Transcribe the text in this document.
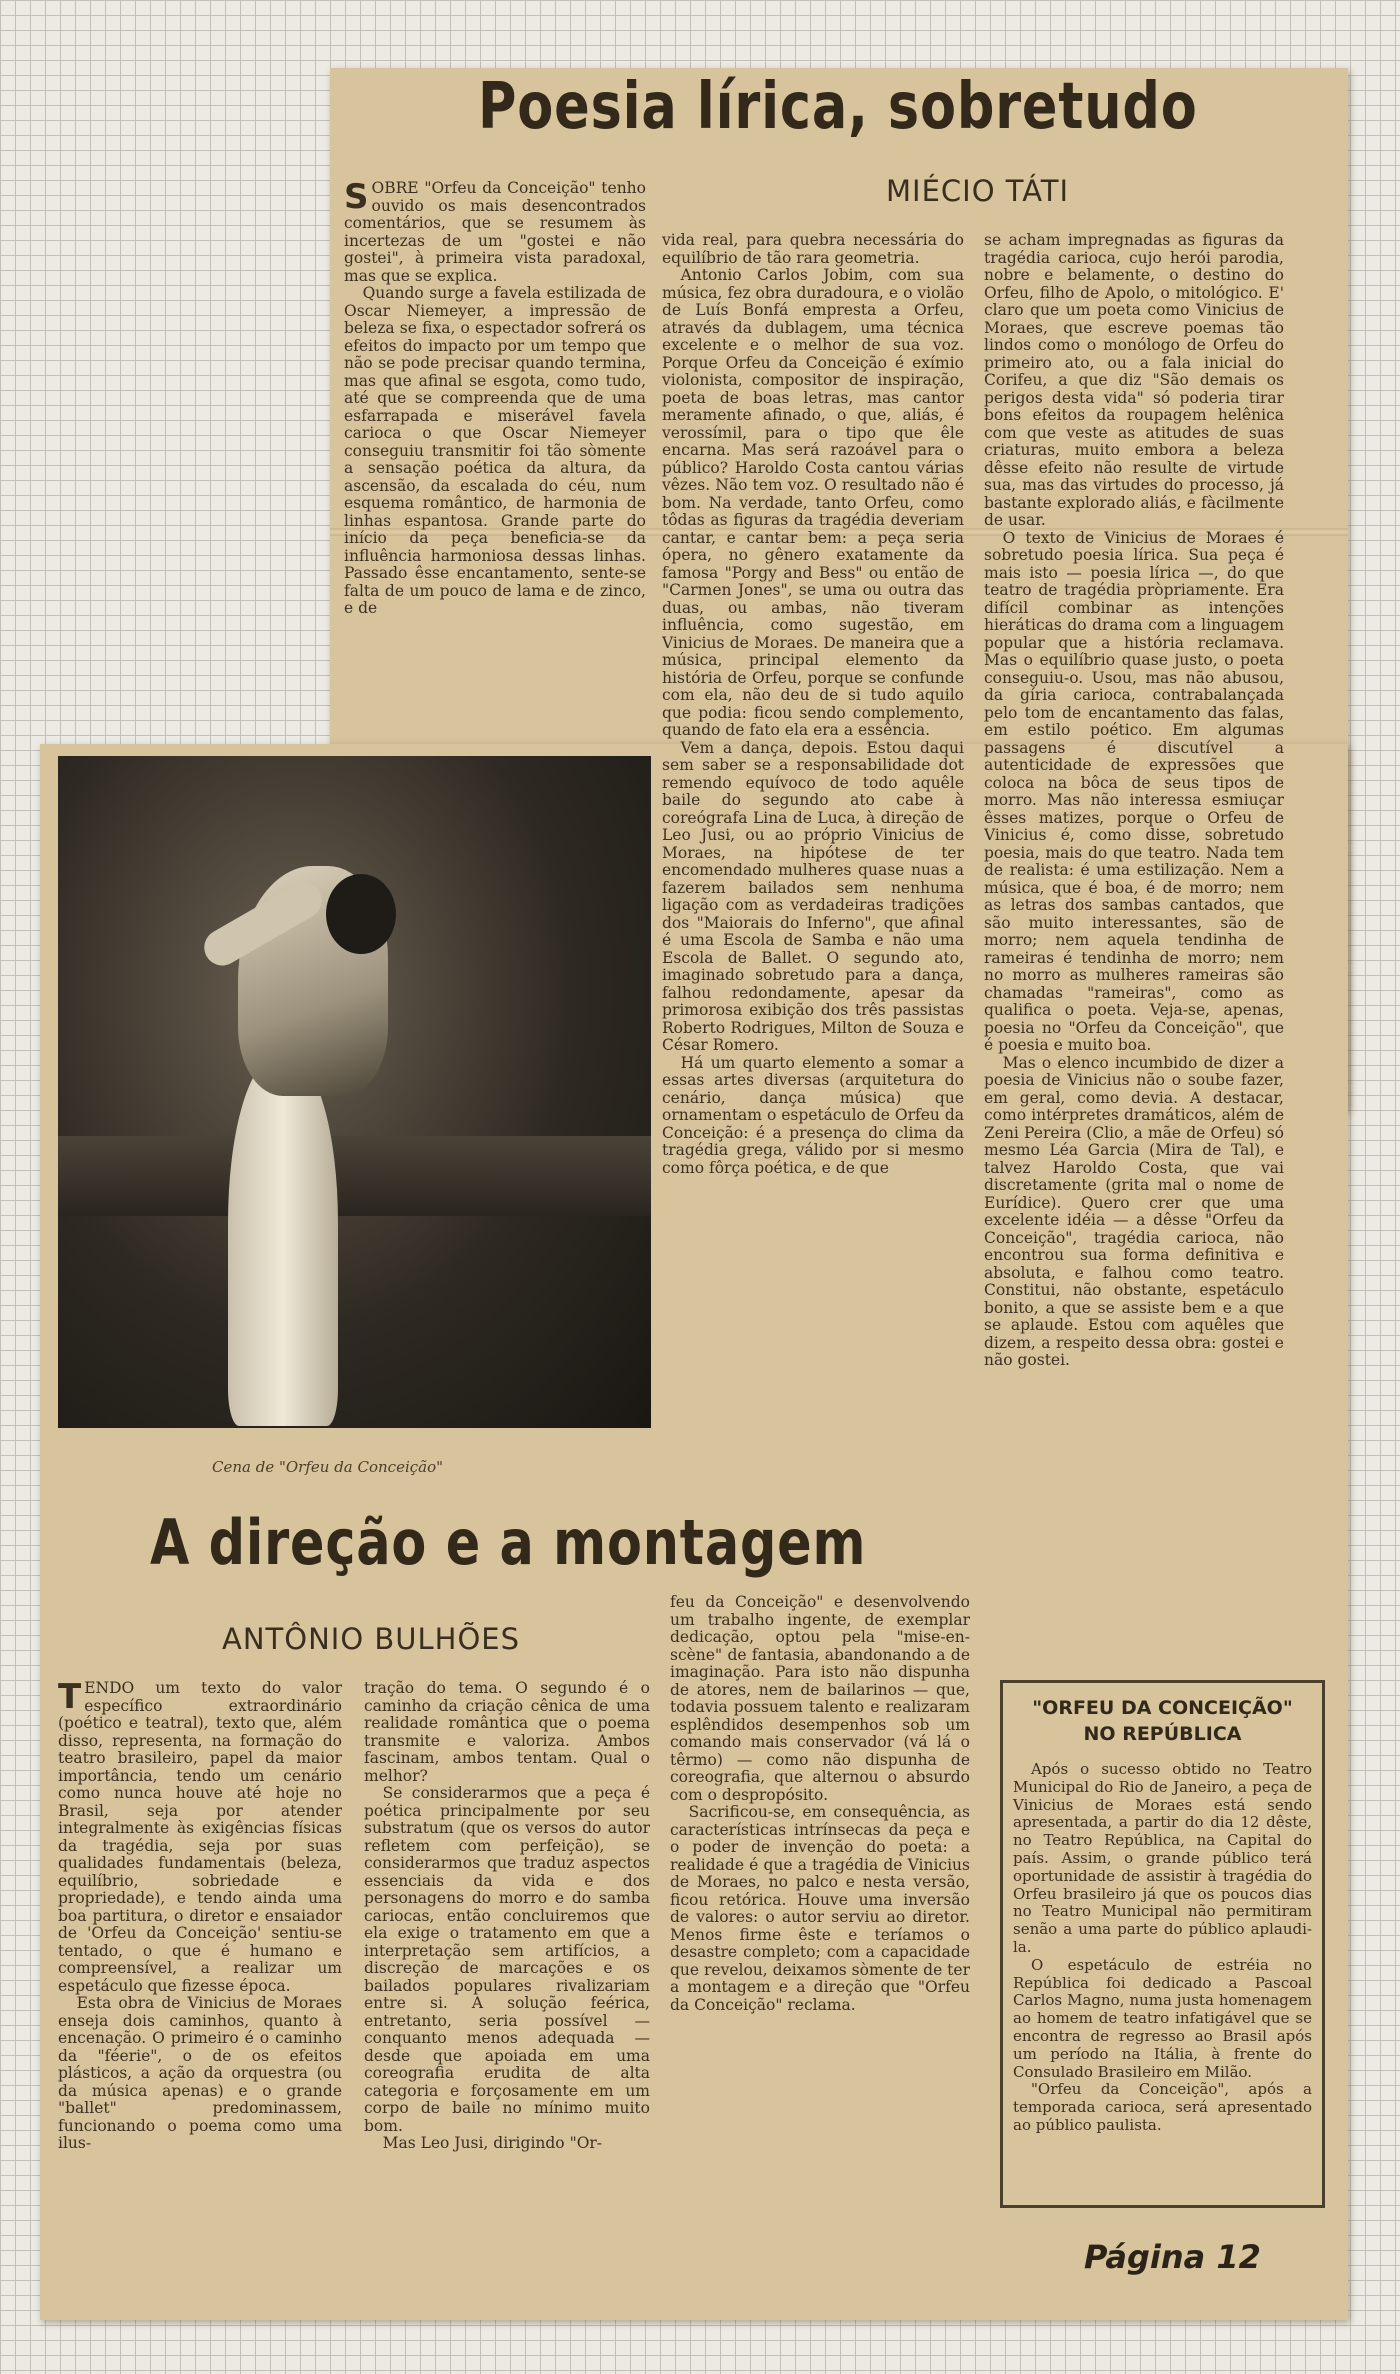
Poesia lírica, sobretudo
MIÉCIO TÁTI

SÔBRE "Orfeu da Conceição" tenho ouvido os mais desencontrados comentários, que se resumem às incertezas de um "gostei e não gostei", à primeira vista paradoxal, mas que se explica.

Quando surge a favela estilizada de Oscar Niemeyer, a impressão de beleza se fixa, o espectador sofrerá os efeitos do impacto por um tempo que não se pode precisar quando termina, mas que afinal se esgota, como tudo, até que se compreenda que de uma esfarrapada e miserável favela carioca o que Oscar Niemeyer conseguiu transmitir foi tão sòmente a sensação poética da altura, da ascensão, da escalada do céu, num esquema romântico, de harmonia de linhas espantosa. Grande parte do início da peça beneficia-se da influência harmoniosa dessas linhas. Passado êsse encantamento, sente-se falta de um pouco de lama e de zinco, e de

vida real, para quebra necessária do equilíbrio de tão rara geometria.

Antonio Carlos Jobim, com sua música, fez obra duradoura, e o violão de Luís Bonfá empresta a Orfeu, através da dublagem, uma técnica excelente e o melhor de sua voz. Porque Orfeu da Conceição é exímio violonista, compositor de inspiração, poeta de boas letras, mas cantor meramente afinado, o que, aliás, é verossímil, para o tipo que êle encarna. Mas será razoável para o público? Haroldo Costa cantou várias vêzes. Não tem voz. O resultado não é bom. Na verdade, tanto Orfeu, como tôdas as figuras da tragédia deveriam cantar, e cantar bem: a peça seria ópera, no gênero exatamente da famosa "Porgy and Bess" ou então de "Carmen Jones", se uma ou outra das duas, ou ambas, não tiveram influência, como sugestão, em Vinicius de Moraes. De maneira que a música, principal elemento da história de Orfeu, porque se confunde com ela, não deu de si tudo aquilo que podia: ficou sendo complemento, quando de fato ela era a essência.

Vem a dança, depois. Estou daqui sem saber se a responsabilidade dot remendo equívoco de todo aquêle baile do segundo ato cabe à coreógrafa Lina de Luca, à direção de Leo Jusi, ou ao próprio Vinicius de Moraes, na hipótese de ter encomendado mulheres quase nuas a fazerem bailados sem nenhuma ligação com as verdadeiras tradições dos "Maiorais do Inferno", que afinal é uma Escola de Samba e não uma Escola de Ballet. O segundo ato, imaginado sobretudo para a dança, falhou redondamente, apesar da primorosa exibição dos três passistas Roberto Rodrigues, Milton de Souza e César Romero.

Há um quarto elemento a somar a essas artes diversas (arquitetura do cenário, dança música) que ornamentam o espetáculo de Orfeu da Conceição: é a presença do clima da tragédia grega, válido por si mesmo como fôrça poética, e de que

se acham impregnadas as figuras da tragédia carioca, cujo herói parodia, nobre e belamente, o destino do Orfeu, filho de Apolo, o mitológico. E' claro que um poeta como Vinicius de Moraes, que escreve poemas tão lindos como o monólogo de Orfeu do primeiro ato, ou a fala inicial do Corifeu, a que diz "São demais os perigos desta vida" só poderia tirar bons efeitos da roupagem helênica com que veste as atitudes de suas criaturas, muito embora a beleza dêsse efeito não resulte de virtude sua, mas das virtudes do processo, já bastante explorado aliás, e fàcilmente de usar.

O texto de Vinicius de Moraes é sobretudo poesia lírica. Sua peça é mais isto — poesia lírica —, do que teatro de tragédia pròpriamente. Era difícil combinar as intenções hieráticas do drama com a linguagem popular que a história reclamava. Mas o equilíbrio quase justo, o poeta conseguiu-o. Usou, mas não abusou, da gíria carioca, contrabalançada pelo tom de encantamento das falas, em estilo poético. Em algumas passagens é discutível a autenticidade de expressões que coloca na bôca de seus tipos de morro. Mas não interessa esmiuçar êsses matizes, porque o Orfeu de Vinicius é, como disse, sobretudo poesia, mais do que teatro. Nada tem de realista: é uma estilização. Nem a música, que é boa, é de morro; nem as letras dos sambas cantados, que são muito interessantes, são de morro; nem aquela tendinha de rameiras é tendinha de morro; nem no morro as mulheres rameiras são chamadas "rameiras", como as qualifica o poeta. Veja-se, apenas, poesia no "Orfeu da Conceição", que é poesia e muito boa.

Mas o elenco incumbido de dizer a poesia de Vinicius não o soube fazer, em geral, como devia. A destacar, como intérpretes dramáticos, além de Zeni Pereira (Clio, a mãe de Orfeu) só mesmo Léa Garcia (Mira de Tal), e talvez Haroldo Costa, que vai discretamente (grita mal o nome de Eurídice). Quero crer que uma excelente idéia — a dêsse "Orfeu da Conceição", tragédia carioca, não encontrou sua forma definitiva e absoluta, e falhou como teatro. Constitui, não obstante, espetáculo bonito, a que se assiste bem e a que se aplaude. Estou com aquêles que dizem, a respeito dessa obra: gostei e não gostei.

Cena de "Orfeu da Conceição"
A direção e a montagem
ANTÔNIO BULHÕES

TENDO um texto do valor específico extraordinário (poético e teatral), texto que, além disso, representa, na formação do teatro brasileiro, papel da maior importância, tendo um cenário como nunca houve até hoje no Brasil, seja por atender integralmente às exigências físicas da tragédia, seja por suas qualidades fundamentais (beleza, equilíbrio, sobriedade e propriedade), e tendo ainda uma boa partitura, o diretor e ensaiador de 'Orfeu da Conceição' sentiu-se tentado, o que é humano e compreensível, a realizar um espetáculo que fizesse época.

Esta obra de Vinicius de Moraes enseja dois caminhos, quanto à encenação. O primeiro é o caminho da "féerie", o de os efeitos plásticos, a ação da orquestra (ou da música apenas) e o grande "ballet" predominassem, funcionando o poema como uma ilus-

tração do tema. O segundo é o caminho da criação cênica de uma realidade romântica que o poema transmite e valoriza. Ambos fascinam, ambos tentam. Qual o melhor?

Se considerarmos que a peça é poética principalmente por seu substratum (que os versos do autor refletem com perfeição), se considerarmos que traduz aspectos essenciais da vida e dos personagens do morro e do samba cariocas, então concluiremos que ela exige o tratamento em que a interpretação sem artifícios, a discreção de marcações e os bailados populares rivalizariam entre si. A solução feérica, entretanto, seria possível — conquanto menos adequada — desde que apoiada em uma coreografia erudita de alta categoria e forçosamente em um corpo de baile no mínimo muito bom.

Mas Leo Jusi, dirigindo "Or-

feu da Conceição" e desenvolvendo um trabalho ingente, de exemplar dedicação, optou pela "mise-en-scène" de fantasia, abandonando a de imaginação. Para isto não dispunha de atores, nem de bailarinos — que, todavia possuem talento e realizaram esplêndidos desempenhos sob um comando mais conservador (vá lá o têrmo) — como não dispunha de coreografia, que alternou o absurdo com o despropósito.

Sacrificou-se, em consequência, as características intrínsecas da peça e o poder de invenção do poeta: a realidade é que a tragédia de Vinicius de Moraes, no palco e nesta versão, ficou retórica. Houve uma inversão de valores: o autor serviu ao diretor. Menos firme êste e teríamos o desastre completo; com a capacidade que revelou, deixamos sòmente de ter a montagem e a direção que "Orfeu da Conceição" reclama.

"ORFEU DA CONCEIÇÃO"
NO REPÚBLICA

Após o sucesso obtido no Teatro Municipal do Rio de Janeiro, a peça de Vinicius de Moraes está sendo apresentada, a partir do dia 12 dêste, no Teatro República, na Capital do país. Assim, o grande público terá oportunidade de assistir à tragédia do Orfeu brasileiro já que os poucos dias no Teatro Municipal não permitiram senão a uma parte do público aplaudi-la.

O espetáculo de estréia no República foi dedicado a Pascoal Carlos Magno, numa justa homenagem ao homem de teatro infatigável que se encontra de regresso ao Brasil após um período na Itália, à frente do Consulado Brasileiro em Milão.

"Orfeu da Conceição", após a temporada carioca, será apresentado ao público paulista.

Página 12
